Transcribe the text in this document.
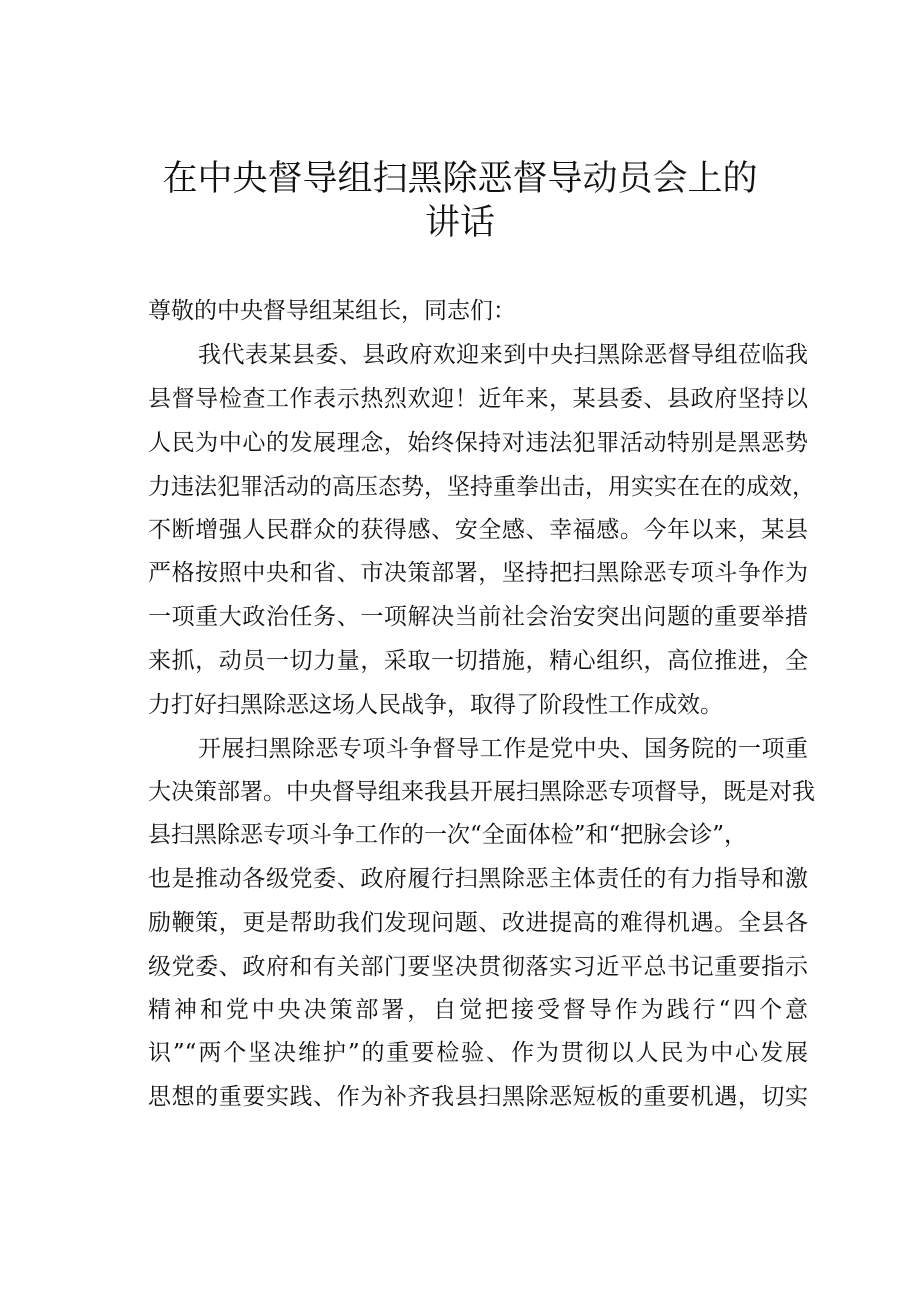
在中央督导组扫黑除恶督导动员会上的
讲话

尊敬的中央督导组某组长，同志们：

我代表某县委、县政府欢迎来到中央扫黑除恶督导组莅临我

县督导检查工作表示热烈欢迎！近年来，某县委、县政府坚持以

人民为中心的发展理念，始终保持对违法犯罪活动特别是黑恶势

力违法犯罪活动的高压态势，坚持重拳出击，用实实在在的成效，

不断增强人民群众的获得感、安全感、幸福感。今年以来，某县

严格按照中央和省、市决策部署，坚持把扫黑除恶专项斗争作为

一项重大政治任务、一项解决当前社会治安突出问题的重要举措

来抓，动员一切力量，采取一切措施，精心组织，高位推进，全

力打好扫黑除恶这场人民战争，取得了阶段性工作成效。

开展扫黑除恶专项斗争督导工作是党中央、国务院的一项重

大决策部署。中央督导组来我县开展扫黑除恶专项督导，既是对我

县扫黑除恶专项斗争工作的一次“全面体检”和“把脉会诊”，

也是推动各级党委、政府履行扫黑除恶主体责任的有力指导和激

励鞭策，更是帮助我们发现问题、改进提高的难得机遇。全县各

级党委、政府和有关部门要坚决贯彻落实习近平总书记重要指示

精神和党中央决策部署，自觉把接受督导作为践行“四个意

识”“两个坚决维护”的重要检验、作为贯彻以人民为中心发展

思想的重要实践、作为补齐我县扫黑除恶短板的重要机遇，切实
